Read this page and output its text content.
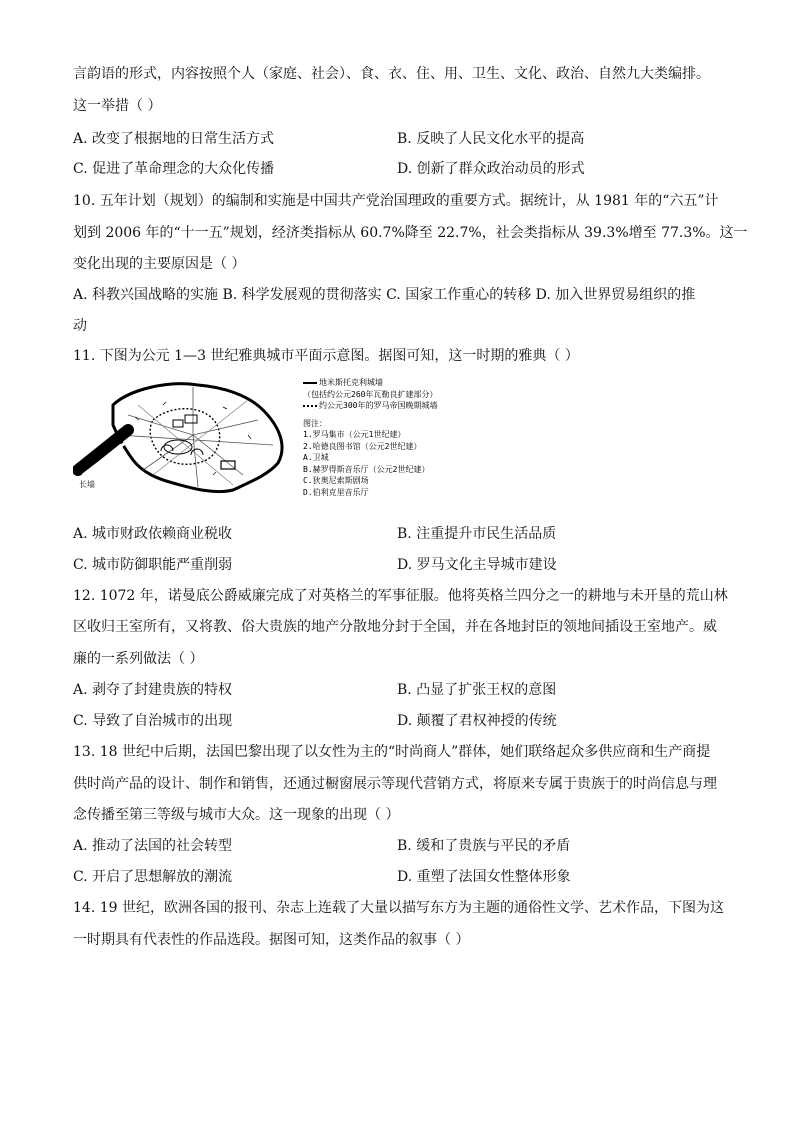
言韵语的形式，内容按照个人（家庭、社会）、食、衣、住、用、卫生、文化、政治、自然九大类编排。
这一举措（ ）
A. 改变了根据地的日常生活方式	B. 反映了人民文化水平的提高
C. 促进了革命理念的大众化传播	D. 创新了群众政治动员的形式
10. 五年计划（规划）的编制和实施是中国共产党治国理政的重要方式。据统计，从 1981 年的“六五”计
划到 2006 年的“十一五”规划，经济类指标从 60.7%降至 22.7%，社会类指标从 39.3%增至 77.3%。这一
变化出现的主要原因是（ ）
A. 科教兴国战略的实施 B. 科学发展观的贯彻落实 C. 国家工作重心的转移 D. 加入世界贸易组织的推
动
11. 下图为公元 1—3 世纪雅典城市平面示意图。据图可知，这一时期的雅典（ ）
长墙
地米斯托克利城墙
（包括约公元260年瓦勒良扩建部分）
约公元300年的罗马帝国晚期城墙
图注：
1.罗马集市（公元1世纪建）
2.哈德良图书馆（公元2世纪建）
A.卫城
B.赫罗得斯音乐厅（公元2世纪建）
C.狄奥尼索斯剧场
D.伯利克里音乐厅
A. 城市财政依赖商业税收	B. 注重提升市民生活品质
C. 城市防御职能严重削弱	D. 罗马文化主导城市建设
12. 1072 年，诺曼底公爵威廉完成了对英格兰的军事征服。他将英格兰四分之一的耕地与未开垦的荒山林
区收归王室所有，又将教、俗大贵族的地产分散地分封于全国，并在各地封臣的领地间插设王室地产。威
廉的一系列做法（ ）
A. 剥夺了封建贵族的特权	B. 凸显了扩张王权的意图
C. 导致了自治城市的出现	D. 颠覆了君权神授的传统
13. 18 世纪中后期，法国巴黎出现了以女性为主的“时尚商人”群体，她们联络起众多供应商和生产商提
供时尚产品的设计、制作和销售，还通过橱窗展示等现代营销方式，将原来专属于贵族于的时尚信息与理
念传播至第三等级与城市大众。这一现象的出现（ ）
A. 推动了法国的社会转型	B. 缓和了贵族与平民的矛盾
C. 开启了思想解放的潮流	D. 重塑了法国女性整体形象
14. 19 世纪，欧洲各国的报刊、杂志上连载了大量以描写东方为主题的通俗性文学、艺术作品，下图为这
一时期具有代表性的作品选段。据图可知，这类作品的叙事（ ）
